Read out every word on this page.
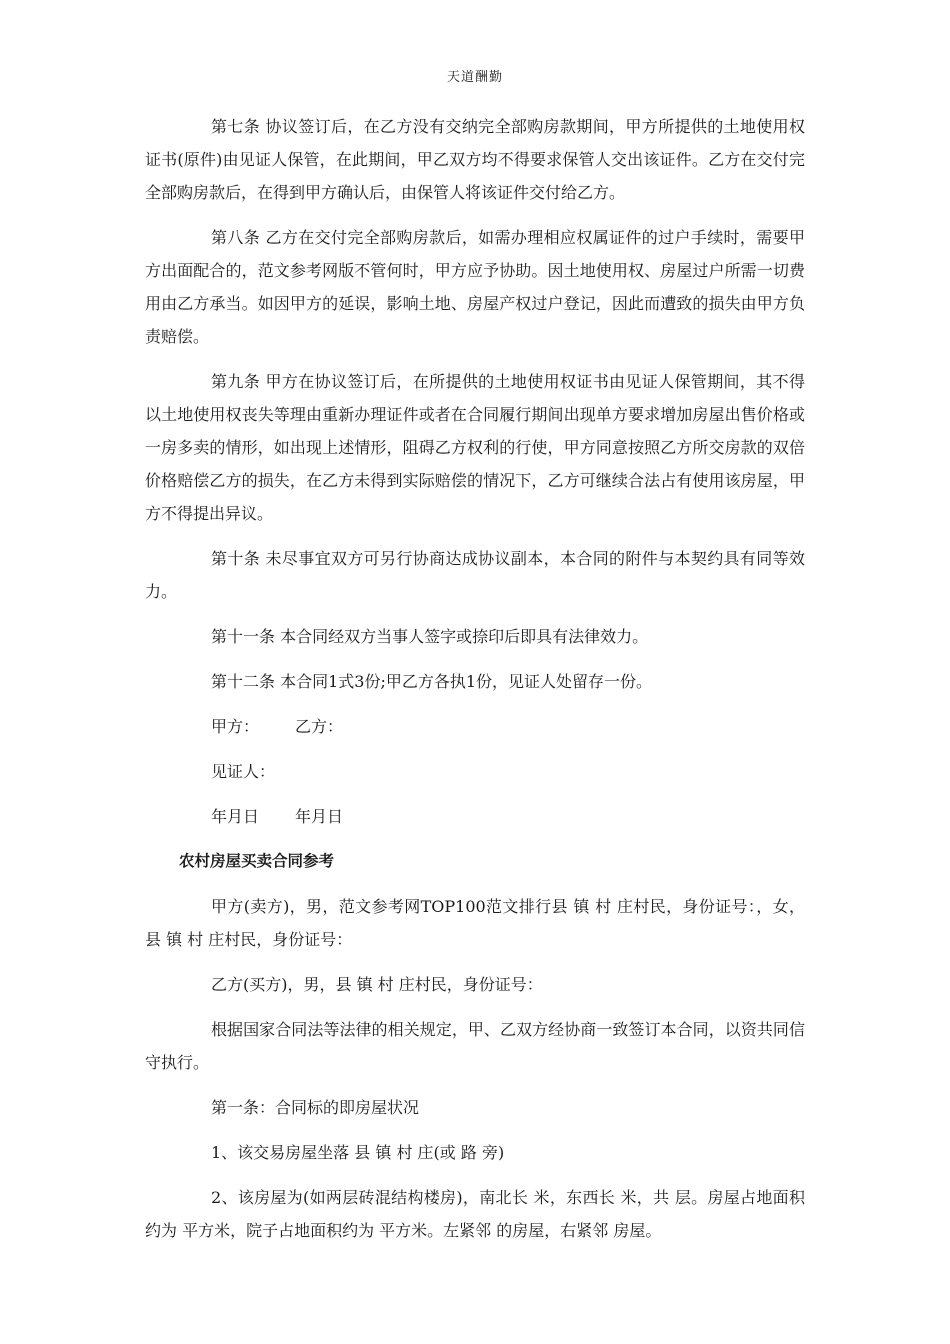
天道酬勤

第七条 协议签订后，在乙方没有交纳完全部购房款期间，甲方所提供的土地使用权证书(原件)由见证人保管，在此期间，甲乙双方均不得要求保管人交出该证件。乙方在交付完全部购房款后，在得到甲方确认后，由保管人将该证件交付给乙方。

第八条 乙方在交付完全部购房款后，如需办理相应权属证件的过户手续时，需要甲方出面配合的，范文参考网版不管何时，甲方应予协助。因土地使用权、房屋过户所需一切费用由乙方承当。如因甲方的延误，影响土地、房屋产权过户登记，因此而遭致的损失由甲方负责赔偿。

第九条 甲方在协议签订后，在所提供的土地使用权证书由见证人保管期间，其不得以土地使用权丧失等理由重新办理证件或者在合同履行期间出现单方要求增加房屋出售价格或一房多卖的情形，如出现上述情形，阻碍乙方权利的行使，甲方同意按照乙方所交房款的双倍价格赔偿乙方的损失，在乙方未得到实际赔偿的情况下，乙方可继续合法占有使用该房屋，甲方不得提出异议。

第十条 未尽事宜双方可另行协商达成协议副本，本合同的附件与本契约具有同等效力。

第十一条 本合同经双方当事人签字或捺印后即具有法律效力。

第十二条 本合同1式3份;甲乙方各执1份，见证人处留存一份。

甲方： 乙方：

见证人：

年月日 年月日

农村房屋买卖合同参考

甲方(卖方)，男，范文参考网TOP100范文排行县 镇 村 庄村民，身份证号：，女，县 镇 村 庄村民，身份证号：

乙方(买方)，男，县 镇 村 庄村民，身份证号：

根据国家合同法等法律的相关规定，甲、乙双方经协商一致签订本合同，以资共同信守执行。

第一条：合同标的即房屋状况

1、该交易房屋坐落 县 镇 村 庄(或 路 旁)

2、该房屋为(如两层砖混结构楼房)，南北长 米，东西长 米，共 层。房屋占地面积约为 平方米，院子占地面积约为 平方米。左紧邻 的房屋，右紧邻 房屋。
